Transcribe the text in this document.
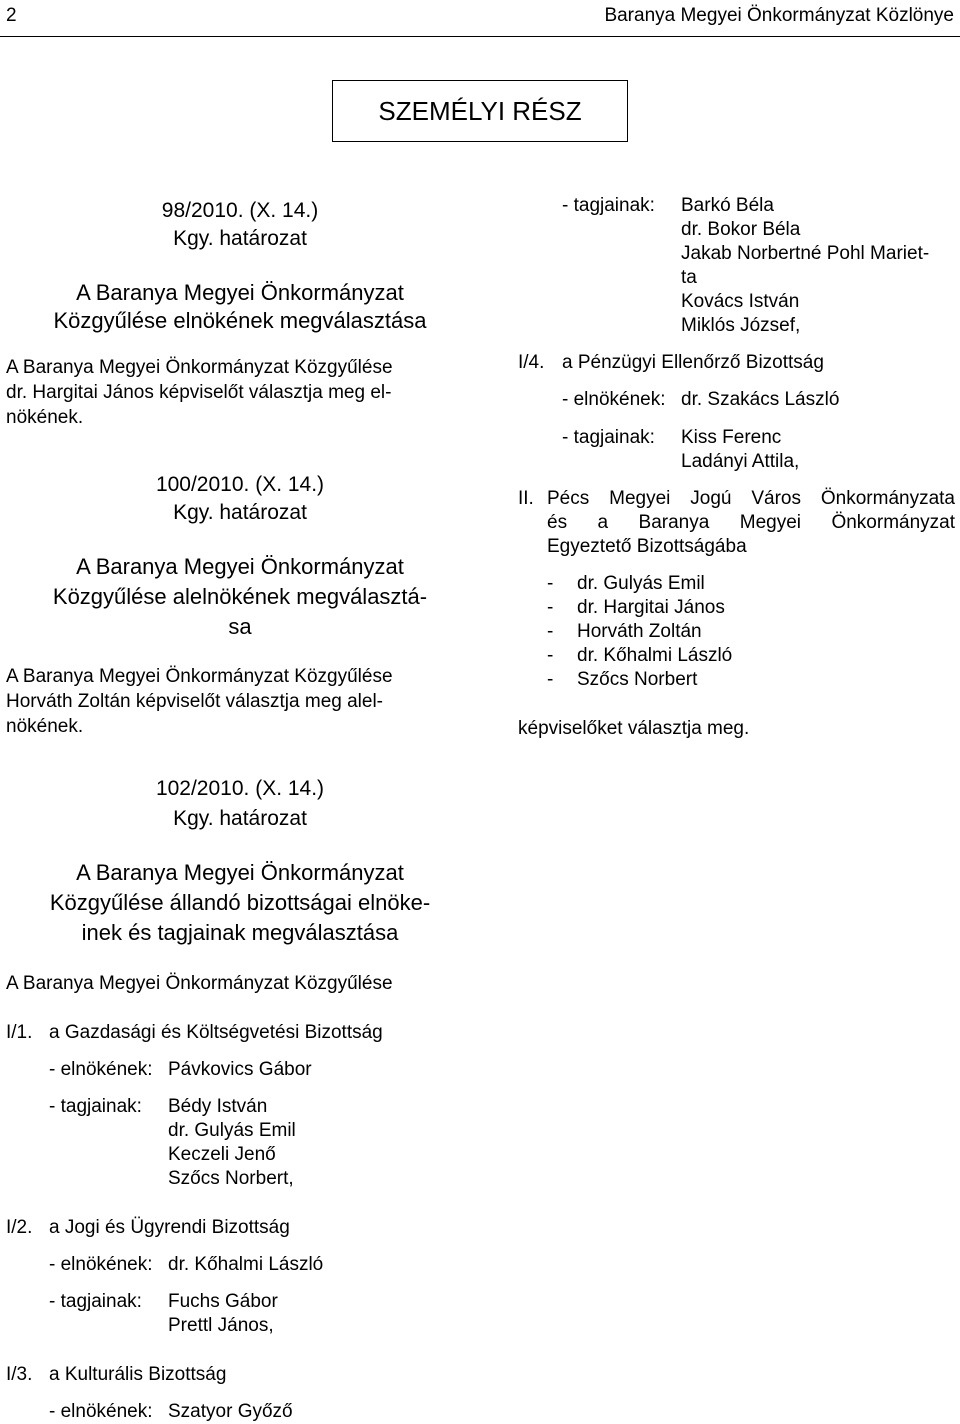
2	Baranya Megyei Önkormányzat Közlönye
SZEMÉLYI RÉSZ
98/2010. (X. 14.)
Kgy. határozat
A Baranya Megyei Önkormányzat
Közgyűlése elnökének megválasztása
A Baranya Megyei Önkormányzat Közgyűlése
dr. Hargitai János képviselőt választja meg el-
nökének.
100/2010. (X. 14.)
Kgy. határozat
A Baranya Megyei Önkormányzat
Közgyűlése alelnökének megválasztá-
sa
A Baranya Megyei Önkormányzat Közgyűlése
Horváth Zoltán képviselőt választja meg alel-
nökének.
102/2010. (X. 14.)
Kgy. határozat
A Baranya Megyei Önkormányzat
Közgyűlése állandó bizottságai elnöke-
inek és tagjainak megválasztása
A Baranya Megyei Önkormányzat Közgyűlése
I/1. a Gazdasági és Költségvetési Bizottság
- elnökének: Pávkovics Gábor
- tagjainak: Bédy István
dr. Gulyás Emil
Keczeli Jenő
Szőcs Norbert,
I/2. a Jogi és Ügyrendi Bizottság
- elnökének: dr. Kőhalmi László
- tagjainak: Fuchs Gábor
Prettl János,
I/3. a Kulturális Bizottság
- elnökének: Szatyor Győző
- tagjainak: Barkó Béla
dr. Bokor Béla
Jakab Norbertné Pohl Mariet-
ta
Kovács István
Miklós József,
I/4. a Pénzügyi Ellenőrző Bizottság
- elnökének: dr. Szakács László
- tagjainak: Kiss Ferenc
Ladányi Attila,
II. Pécs Megyei Jogú Város Önkormányzata
és a Baranya Megyei Önkormányzat
Egyeztető Bizottságába
- dr. Gulyás Emil
- dr. Hargitai János
- Horváth Zoltán
- dr. Kőhalmi László
- Szőcs Norbert
képviselőket választja meg.
